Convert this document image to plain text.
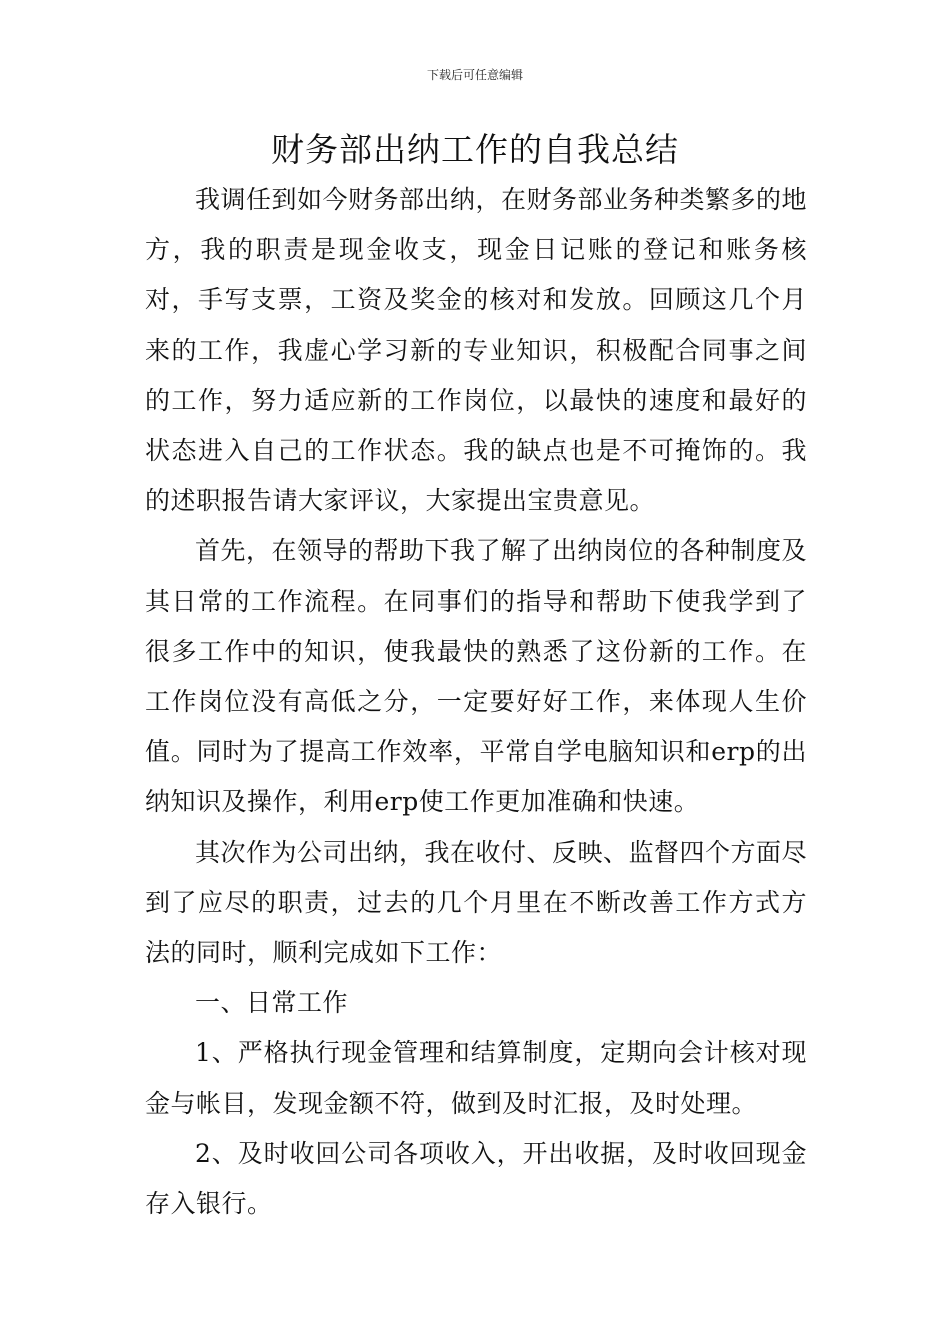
下载后可任意编辑
财务部出纳工作的自我总结

我调任到如今财务部出纳，在财务部业务种类繁多的地方，我的职责是现金收支，现金日记账的登记和账务核对，手写支票，工资及奖金的核对和发放。回顾这几个月来的工作，我虚心学习新的专业知识，积极配合同事之间的工作，努力适应新的工作岗位，以最快的速度和最好的状态进入自己的工作状态。我的缺点也是不可掩饰的。我的述职报告请大家评议，大家提出宝贵意见。

首先，在领导的帮助下我了解了出纳岗位的各种制度及其日常的工作流程。在同事们的指导和帮助下使我学到了很多工作中的知识，使我最快的熟悉了这份新的工作。在工作岗位没有高低之分，一定要好好工作，来体现人生价值。同时为了提高工作效率，平常自学电脑知识和erp的出纳知识及操作，利用erp使工作更加准确和快速。

其次作为公司出纳，我在收付、反映、监督四个方面尽到了应尽的职责，过去的几个月里在不断改善工作方式方法的同时，顺利完成如下工作：

一、日常工作

1、严格执行现金管理和结算制度，定期向会计核对现金与帐目，发现金额不符，做到及时汇报，及时处理。

2、及时收回公司各项收入，开出收据，及时收回现金存入银行。
